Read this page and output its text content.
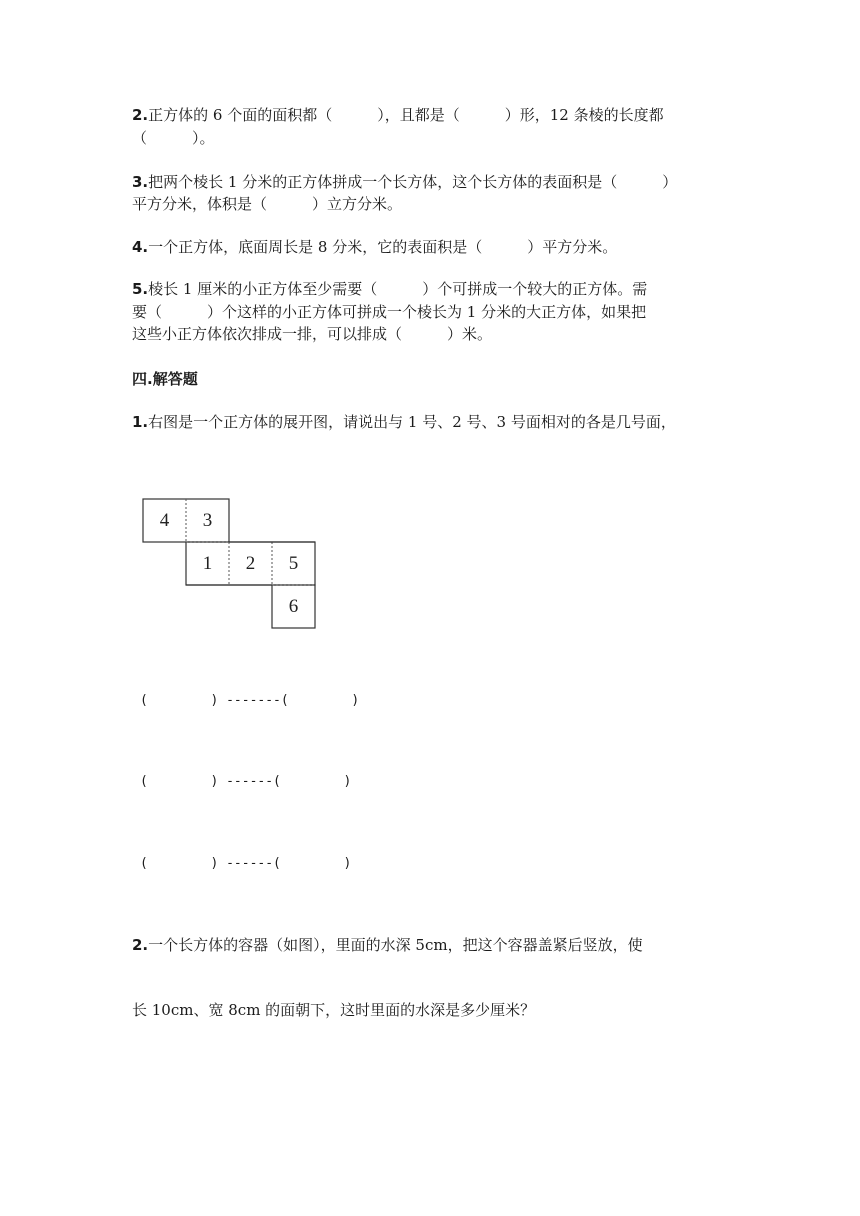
2.正方体的 6 个面的面积都（　　　），且都是（　　　）形，12 条棱的长度都
（　　　）。
3.把两个棱长 1 分米的正方体拼成一个长方体，这个长方体的表面积是（　　　）
平方分米，体积是（　　　）立方分米。
4.一个正方体，底面周长是 8 分米，它的表面积是（　　　）平方分米。
5.棱长 1 厘米的小正方体至少需要（　　　）个可拼成一个较大的正方体。需
要（　　　）个这样的小正方体可拼成一个棱长为 1 分米的大正方体，如果把
这些小正方体依次排成一排，可以排成（　　　）米。
四.解答题
1.右图是一个正方体的展开图，请说出与 1 号、2 号、3 号面相对的各是几号面，
4	3
1	2	5
6
(        ) -------(        )
(        ) ------(        )
(        ) ------(        )
2.一个长方体的容器（如图），里面的水深 5cm，把这个容器盖紧后竖放，使
长 10cm、宽 8cm 的面朝下，这时里面的水深是多少厘米？
